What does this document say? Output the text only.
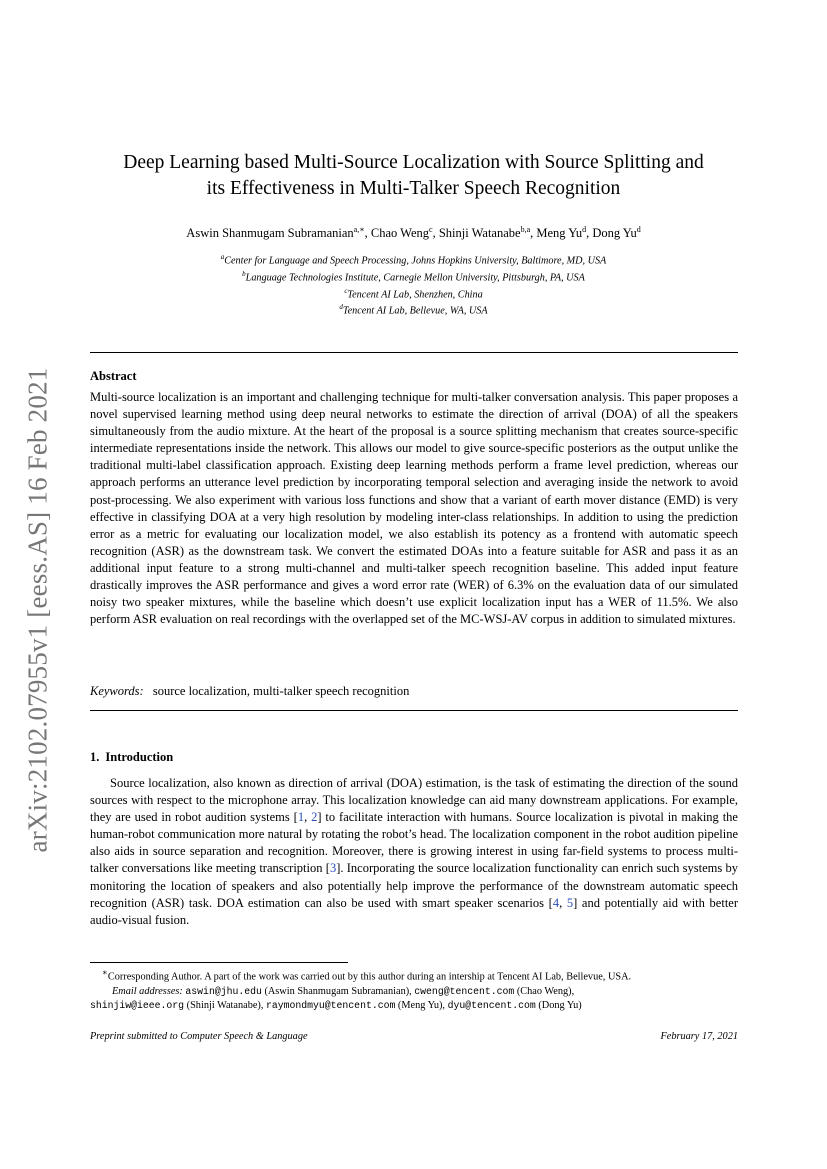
arXiv:2102.07955v1 [eess.AS] 16 Feb 2021
Deep Learning based Multi-Source Localization with Source Splitting and
its Effectiveness in Multi-Talker Speech Recognition
Aswin Shanmugam Subramanian$^{a,∗}$, Chao Weng$^c$, Shinji Watanabe$^{b,a}$, Meng Yu$^d$, Dong Yu$^d$
$^a$Center for Language and Speech Processing, Johns Hopkins University, Baltimore, MD, USA
$^b$Language Technologies Institute, Carnegie Mellon University, Pittsburgh, PA, USA
$^c$Tencent AI Lab, Shenzhen, China
$^d$Tencent AI Lab, Bellevue, WA, USA
Abstract
Multi-source localization is an important and challenging technique for multi-talker conversation analysis. This paper proposes a novel supervised learning method using deep neural networks to estimate the direction of arrival (DOA) of all the speakers simultaneously from the audio mixture. At the heart of the proposal is a source splitting mechanism that creates source-specific intermediate representations inside the network. This allows our model to give source-specific posteriors as the output unlike the traditional multi-label classification approach. Existing deep learning methods perform a frame level prediction, whereas our approach performs an utterance level prediction by incorporating temporal selection and averaging inside the network to avoid post-processing. We also experiment with various loss functions and show that a variant of earth mover distance (EMD) is very effective in classifying DOA at a very high resolution by modeling inter-class relationships. In addition to using the prediction error as a metric for evaluating our localization model, we also establish its potency as a frontend with automatic speech recognition (ASR) as the downstream task. We convert the estimated DOAs into a feature suitable for ASR and pass it as an additional input feature to a strong multi-channel and multi-talker speech recognition baseline. This added input feature drastically improves the ASR performance and gives a word error rate (WER) of 6.3% on the evaluation data of our simulated noisy two speaker mixtures, while the baseline which doesn’t use explicit localization input has a WER of 11.5%. We also perform ASR evaluation on real recordings with the overlapped set of the MC-WSJ-AV corpus in addition to simulated mixtures.
Keywords: source localization, multi-talker speech recognition
1. Introduction
Source localization, also known as direction of arrival (DOA) estimation, is the task of estimating the direction of the sound sources with respect to the microphone array. This localization knowledge can aid many downstream applications. For example, they are used in robot audition systems [1, 2] to facilitate interaction with humans. Source localization is pivotal in making the human-robot communication more natural by rotating the robot’s head. The localization component in the robot audition pipeline also aids in source separation and recognition. Moreover, there is growing interest in using far-field systems to process multi-talker conversations like meeting transcription [3]. Incorporating the source localization functionality can enrich such systems by monitoring the location of speakers and also potentially help improve the performance of the downstream automatic speech recognition (ASR) task. DOA estimation can also be used with smart speaker scenarios [4, 5] and potentially aid with better audio-visual fusion.
∗Corresponding Author. A part of the work was carried out by this author during an intership at Tencent AI Lab, Bellevue, USA.
Email addresses: aswin@jhu.edu (Aswin Shanmugam Subramanian), cweng@tencent.com (Chao Weng),
shinjiw@ieee.org (Shinji Watanabe), raymondmyu@tencent.com (Meng Yu), dyu@tencent.com (Dong Yu)
Preprint submitted to Computer Speech & Language	February 17, 2021
